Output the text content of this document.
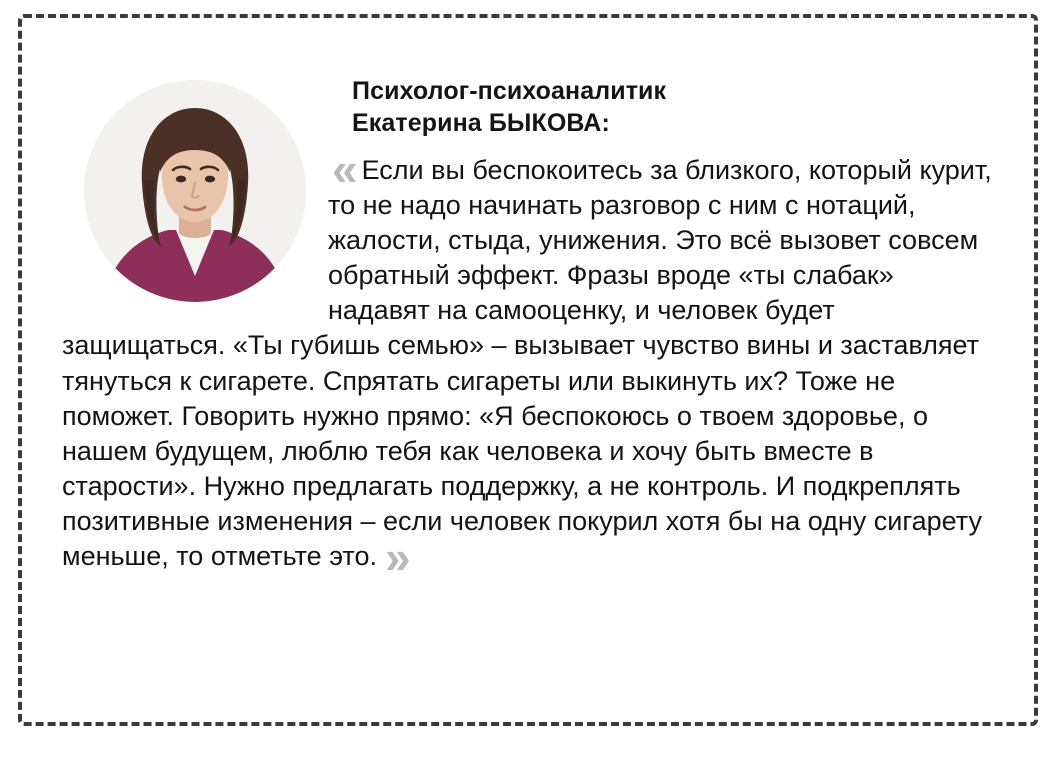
Психолог-психоаналитик
Екатерина БЫКОВА:

« Если вы беспокоитесь за близкого, который курит, то не надо начинать разговор с ним с нотаций, жалости, стыда, унижения. Это всё вызовет совсем обратный эффект. Фразы вроде «ты слабак» надавят на самооценку, и человек будет защищаться. «Ты губишь семью» – вызывает чувство вины и заставляет тянуться к сигарете. Спрятать сигареты или выкинуть их? Тоже не поможет. Говорить нужно прямо: «Я беспокоюсь о твоем здоровье, о нашем будущем, люблю тебя как человека и хочу быть вместе в старости». Нужно предлагать поддержку, а не контроль. И подкреплять позитивные изменения – если человек покурил хотя бы на одну сигарету меньше, то отметьте это. »
